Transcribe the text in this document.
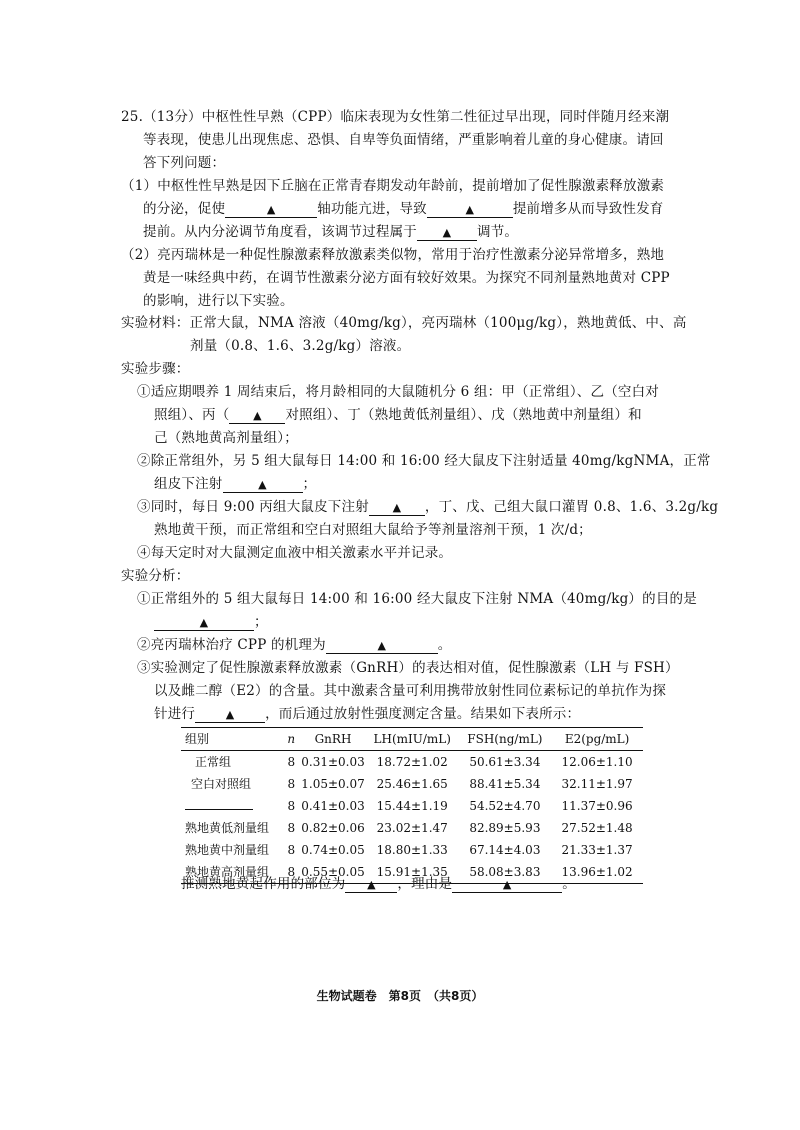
25.（13分）中枢性性早熟（CPP）临床表现为女性第二性征过早出现，同时伴随月经来潮
等表现，使患儿出现焦虑、恐惧、自卑等负面情绪，严重影响着儿童的身心健康。请回
答下列问题：
（1）中枢性性早熟是因下丘脑在正常青春期发动年龄前，提前增加了促性腺激素释放激素
的分泌，促使	▲	轴功能亢进，导致	▲	提前增多从而导致性发育
提前。从内分泌调节角度看，该调节过程属于 ▲ 调节。
（2）亮丙瑞林是一种促性腺激素释放激素类似物，常用于治疗性激素分泌异常增多，熟地
黄是一味经典中药，在调节性激素分泌方面有较好效果。为探究不同剂量熟地黄对 CPP
的影响，进行以下实验。
实验材料：正常大鼠，NMA 溶液（40mg/kg），亮丙瑞林（100μg/kg），熟地黄低、中、高
剂量（0.8、1.6、3.2g/kg）溶液。
实验步骤：
①适应期喂养 1 周结束后，将月龄相同的大鼠随机分 6 组：甲（正常组）、乙（空白对
照组）、丙（ ▲ 对照组）、丁（熟地黄低剂量组）、戊（熟地黄中剂量组）和
己（熟地黄高剂量组）；
②除正常组外，另 5 组大鼠每日 14:00 和 16:00 经大鼠皮下注射适量 40mg/kgNMA，正常
组皮下注射	▲	；
③同时，每日 9:00 丙组大鼠皮下注射 ▲ ，丁、戊、己组大鼠口灌胃 0.8、1.6、3.2g/kg
熟地黄干预，而正常组和空白对照组大鼠给予等剂量溶剂干预，1 次/d；
④每天定时对大鼠测定血液中相关激素水平并记录。
实验分析：
①正常组外的 5 组大鼠每日 14:00 和 16:00 经大鼠皮下注射 NMA（40mg/kg）的目的是
▲	；
②亮丙瑞林治疗 CPP 的机理为	▲	。
③实验测定了促性腺激素释放激素（GnRH）的表达相对值，促性腺激素（LH 与 FSH）
以及雌二醇（E2）的含量。其中激素含量可利用携带放射性同位素标记的单抗作为探
组别	n	GnRH	LH(mIU/mL)	FSH(ng/mL)	E2(pg/mL)
正常组	8	0.31±0.03	18.72±1.02	50.61±3.34	12.06±1.10
空白对照组	8	1.05±0.07	25.46±1.65	88.41±5.34	32.11±1.97
	8	0.41±0.03	15.44±1.19	54.52±4.70	11.37±0.96
熟地黄低剂量组	8	0.82±0.06	23.02±1.47	82.89±5.93	27.52±1.48
熟地黄中剂量组	8	0.74±0.05	18.80±1.33	67.14±4.03	21.33±1.37
熟地黄高剂量组	8	0.55±0.05	15.91±1.35	58.08±3.83	13.96±1.02
推测熟地黄起作用的部位为 ▲ ，理由是	▲	。
生物试题卷　第8页　（共8页）
针进行	▲ ，而后通过放射性强度测定含量。结果如下表所示：
